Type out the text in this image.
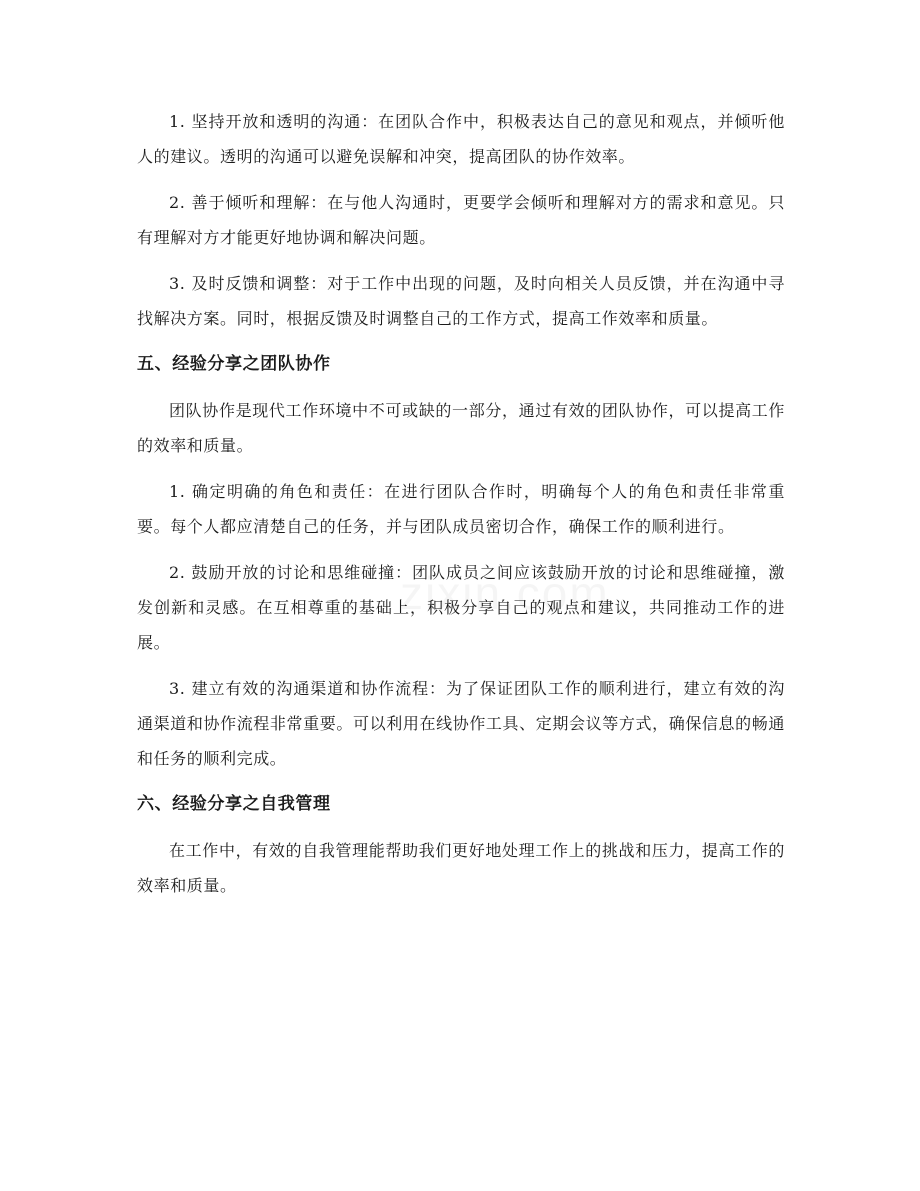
1. 坚持开放和透明的沟通：在团队合作中，积极表达自己的意见和观点，并倾听他人的建议。透明的沟通可以避免误解和冲突，提高团队的协作效率。

2. 善于倾听和理解：在与他人沟通时，更要学会倾听和理解对方的需求和意见。只有理解对方才能更好地协调和解决问题。

3. 及时反馈和调整：对于工作中出现的问题，及时向相关人员反馈，并在沟通中寻找解决方案。同时，根据反馈及时调整自己的工作方式，提高工作效率和质量。

五、经验分享之团队协作

团队协作是现代工作环境中不可或缺的一部分，通过有效的团队协作，可以提高工作的效率和质量。

1. 确定明确的角色和责任：在进行团队合作时，明确每个人的角色和责任非常重要。每个人都应清楚自己的任务，并与团队成员密切合作，确保工作的顺利进行。

2. 鼓励开放的讨论和思维碰撞：团队成员之间应该鼓励开放的讨论和思维碰撞，激发创新和灵感。在互相尊重的基础上，积极分享自己的观点和建议，共同推动工作的进展。

3. 建立有效的沟通渠道和协作流程：为了保证团队工作的顺利进行，建立有效的沟通渠道和协作流程非常重要。可以利用在线协作工具、定期会议等方式，确保信息的畅通和任务的顺利完成。

六、经验分享之自我管理

在工作中，有效的自我管理能帮助我们更好地处理工作上的挑战和压力，提高工作的效率和质量。
